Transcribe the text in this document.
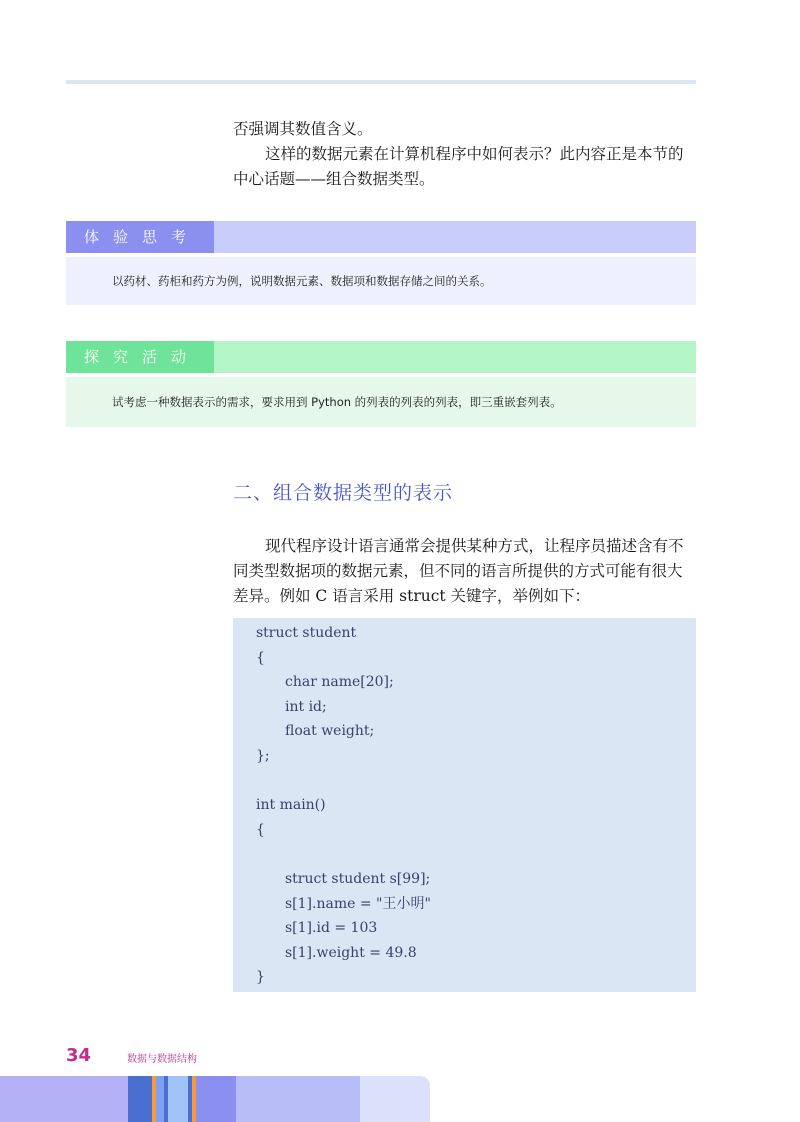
否强调其数值含义。

这样的数据元素在计算机程序中如何表示？此内容正是本节的中心话题——组合数据类型。

体验思考
以药材、药柜和药方为例，说明数据元素、数据项和数据存储之间的关系。
探究活动
试考虑一种数据表示的需求，要求用到 Python 的列表的列表的列表，即三重嵌套列表。
二、组合数据类型的表示

现代程序设计语言通常会提供某种方式，让程序员描述含有不同类型数据项的数据元素，但不同的语言所提供的方式可能有很大差异。例如 C 语言采用 struct 关键字，举例如下：

struct student
{
char name[20];
int id;
float weight;
};
int main()
{
struct student s[99];
s[1].name = "王小明"
s[1].id = 103
s[1].weight = 49.8
}
34	数据与数据结构
